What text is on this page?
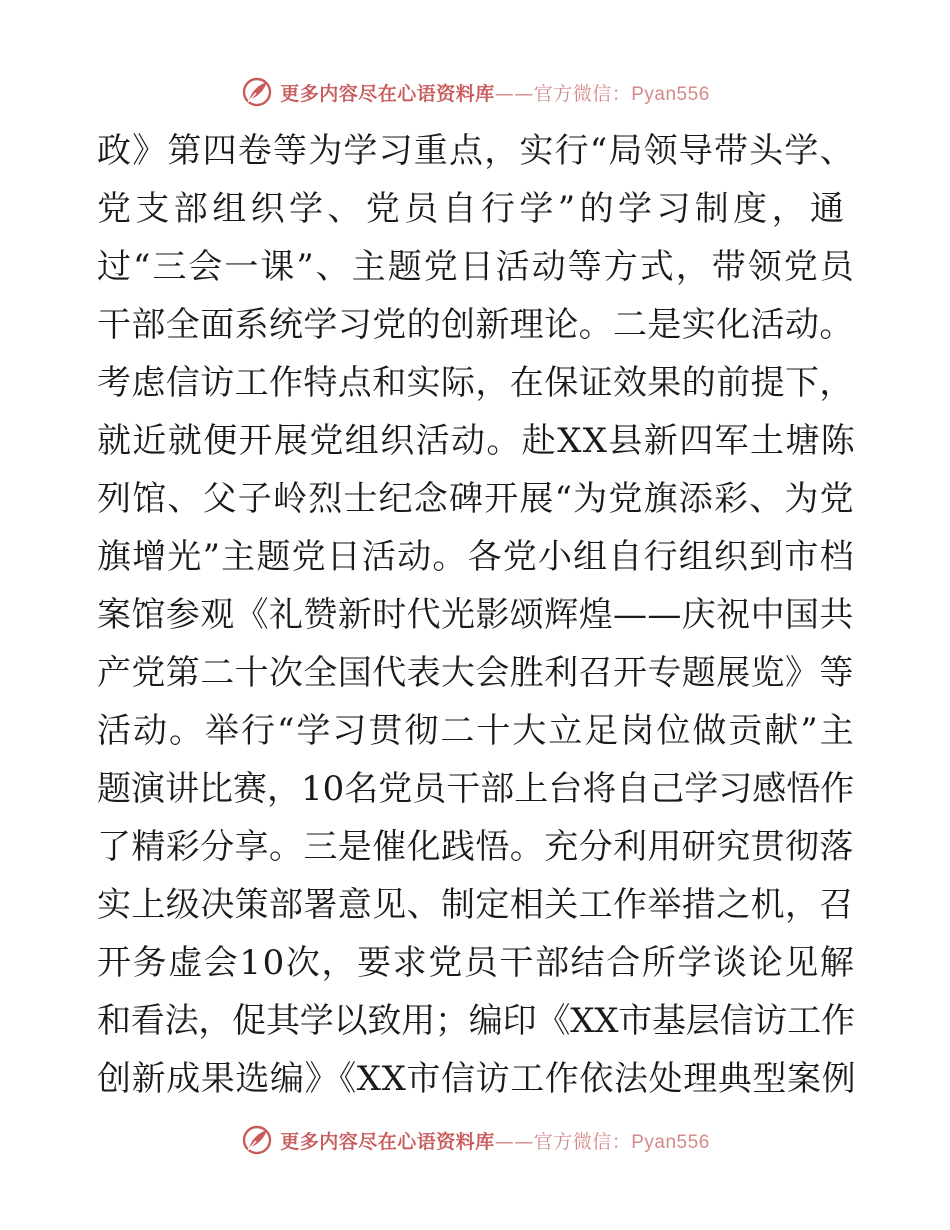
更多内容尽在心语资料库——官方微信：Pyan556
政》第四卷等为学习重点，实行“局领导带头学、
党支部组织学、党员自行学”的学习制度，通
过“三会一课”、主题党日活动等方式，带领党员
干部全面系统学习党的创新理论。二是实化活动。
考虑信访工作特点和实际，在保证效果的前提下，
就近就便开展党组织活动。赴XX县新四军土塘陈
列馆、父子岭烈士纪念碑开展“为党旗添彩、为党
旗增光”主题党日活动。各党小组自行组织到市档
案馆参观《礼赞新时代光影颂辉煌——庆祝中国共
产党第二十次全国代表大会胜利召开专题展览》等
活动。举行“学习贯彻二十大立足岗位做贡献”主
题演讲比赛，10名党员干部上台将自己学习感悟作
了精彩分享。三是催化践悟。充分利用研究贯彻落
实上级决策部署意见、制定相关工作举措之机，召
开务虚会10次，要求党员干部结合所学谈论见解
和看法，促其学以致用；编印《XX市基层信访工作
创新成果选编》《XX市信访工作依法处理典型案例
更多内容尽在心语资料库——官方微信：Pyan556
